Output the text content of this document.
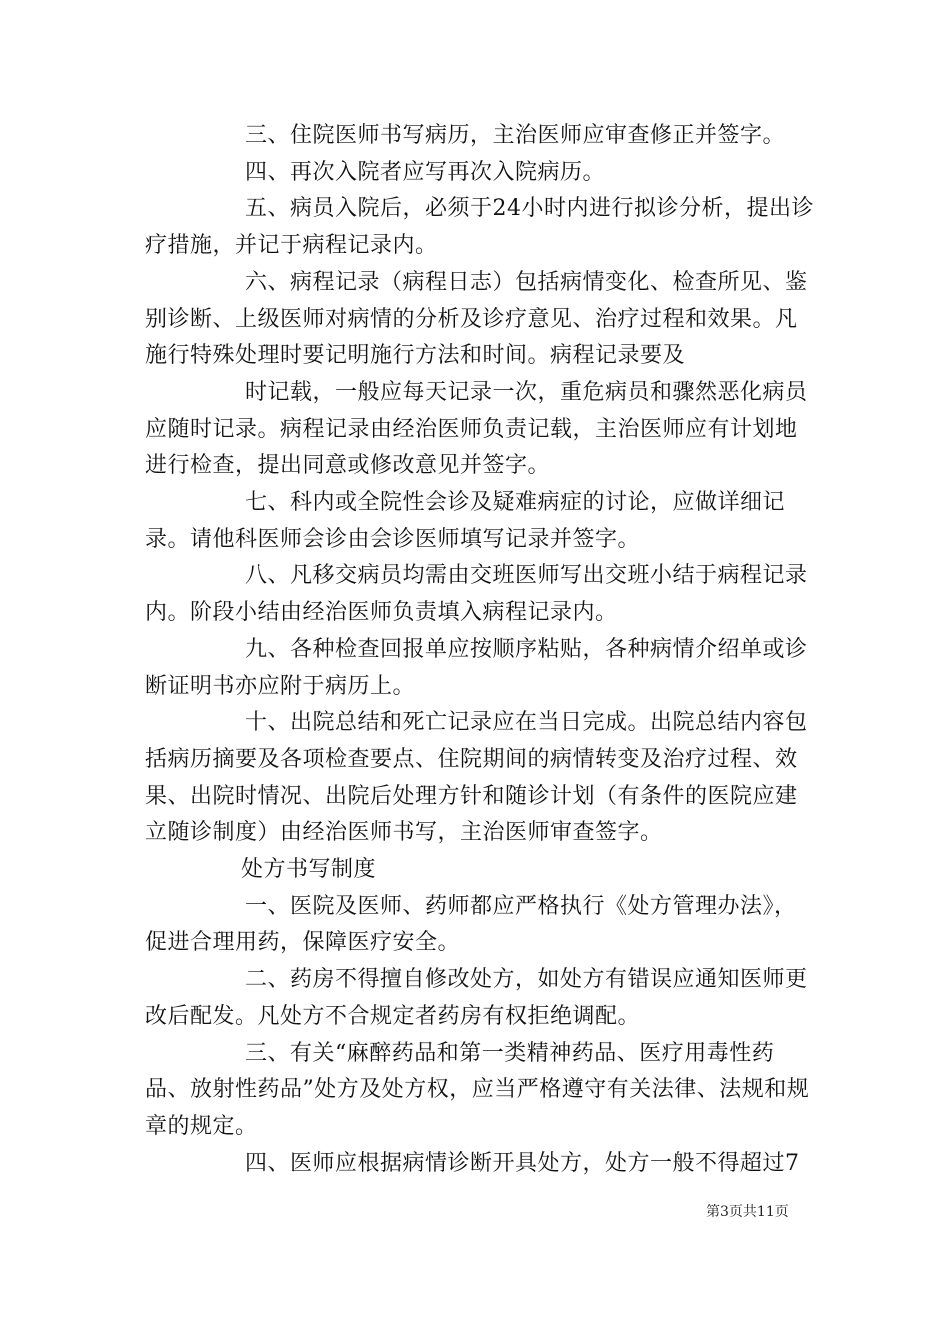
三、住院医师书写病历，主治医师应审查修正并签字。

四、再次入院者应写再次入院病历。

五、病员入院后，必须于24小时内进行拟诊分析，提出诊疗措施，并记于病程记录内。

六、病程记录（病程日志）包括病情变化、检查所见、鉴别诊断、上级医师对病情的分析及诊疗意见、治疗过程和效果。凡施行特殊处理时要记明施行方法和时间。病程记录要及

时记载，一般应每天记录一次，重危病员和骤然恶化病员应随时记录。病程记录由经治医师负责记载，主治医师应有计划地进行检查，提出同意或修改意见并签字。

七、科内或全院性会诊及疑难病症的讨论，应做详细记录。请他科医师会诊由会诊医师填写记录并签字。

八、凡移交病员均需由交班医师写出交班小结于病程记录内。阶段小结由经治医师负责填入病程记录内。

九、各种检查回报单应按顺序粘贴，各种病情介绍单或诊断证明书亦应附于病历上。

十、出院总结和死亡记录应在当日完成。出院总结内容包括病历摘要及各项检查要点、住院期间的病情转变及治疗过程、效果、出院时情况、出院后处理方针和随诊计划（有条件的医院应建立随诊制度）由经治医师书写，主治医师审查签字。

处方书写制度

一、医院及医师、药师都应严格执行《处方管理办法》，促进合理用药，保障医疗安全。

二、药房不得擅自修改处方，如处方有错误应通知医师更改后配发。凡处方不合规定者药房有权拒绝调配。

三、有关“麻醉药品和第一类精神药品、医疗用毒性药品、放射性药品”处方及处方权，应当严格遵守有关法律、法规和规章的规定。

四、医师应根据病情诊断开具处方，处方一般不得超过7

第3页共11页
